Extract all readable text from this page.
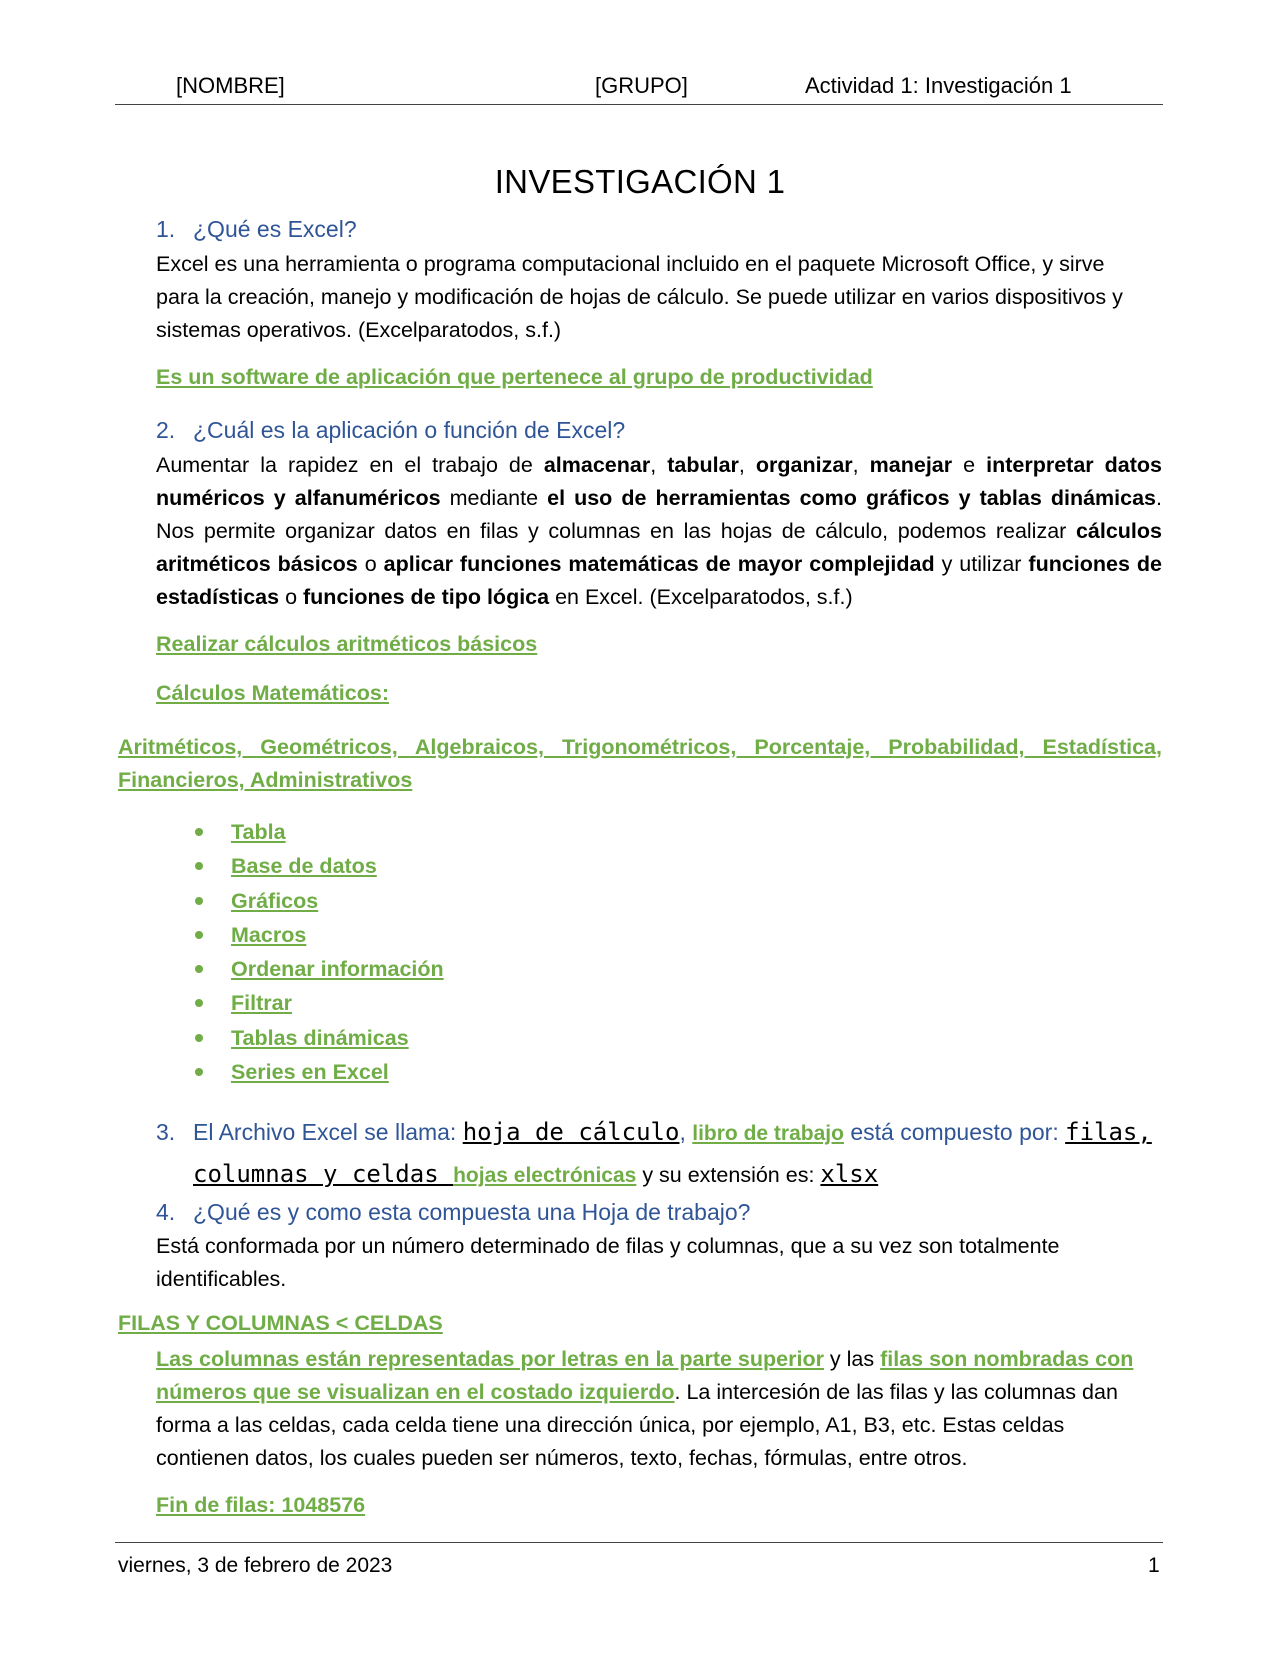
[NOMBRE]	[GRUPO]	Actividad 1: Investigación 1
INVESTIGACIÓN 1
1. ¿Qué es Excel?
Excel es una herramienta o programa computacional incluido en el paquete Microsoft Office, y sirve para la creación, manejo y modificación de hojas de cálculo. Se puede utilizar en varios dispositivos y sistemas operativos. (Excelparatodos, s.f.)
Es un software de aplicación que pertenece al grupo de productividad
2. ¿Cuál es la aplicación o función de Excel?
Aumentar la rapidez en el trabajo de almacenar, tabular, organizar, manejar e interpretar datos numéricos y alfanuméricos mediante el uso de herramientas como gráficos y tablas dinámicas. Nos permite organizar datos en filas y columnas en las hojas de cálculo, podemos realizar cálculos aritméticos básicos o aplicar funciones matemáticas de mayor complejidad y utilizar funciones de estadísticas o funciones de tipo lógica en Excel. (Excelparatodos, s.f.)
Realizar cálculos aritméticos básicos
Cálculos Matemáticos:
Aritméticos, Geométricos, Algebraicos, Trigonométricos, Porcentaje, Probabilidad, Estadística, Financieros, Administrativos
Tabla
Base de datos
Gráficos
Macros
Ordenar información
Filtrar
Tablas dinámicas
Series en Excel
3. El Archivo Excel se llama: hoja de cálculo, libro de trabajo está compuesto por: filas,
columnas y celdas hojas electrónicas y su extensión es: xlsx
4. ¿Qué es y como esta compuesta una Hoja de trabajo?
Está conformada por un número determinado de filas y columnas, que a su vez son totalmente identificables.
FILAS Y COLUMNAS < CELDAS
Las columnas están representadas por letras en la parte superior y las filas son nombradas con números que se visualizan en el costado izquierdo. La intercesión de las filas y las columnas dan forma a las celdas, cada celda tiene una dirección única, por ejemplo, A1, B3, etc. Estas celdas contienen datos, los cuales pueden ser números, texto, fechas, fórmulas, entre otros.
Fin de filas: 1048576
viernes, 3 de febrero de 2023	1
